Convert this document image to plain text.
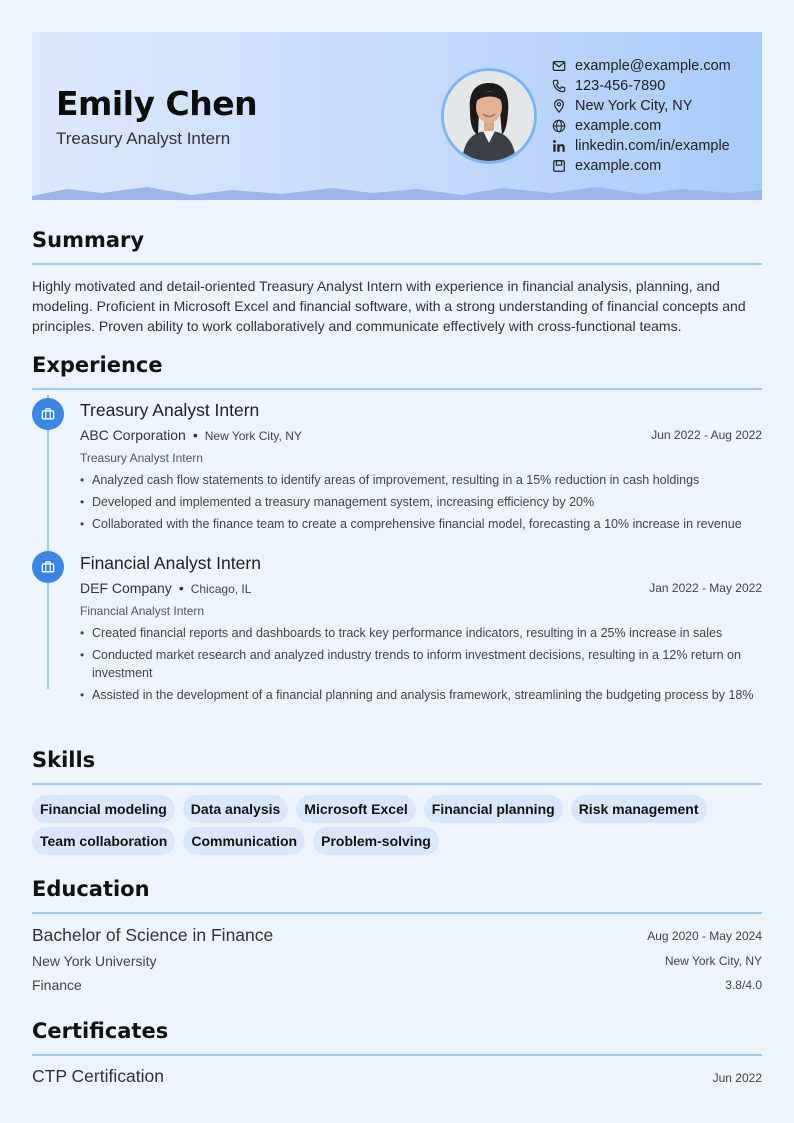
Emily Chen
Treasury Analyst Intern
example@example.com
123-456-7890
New York City, NY
example.com
linkedin.com/in/example
example.com
Summary
Highly motivated and detail-oriented Treasury Analyst Intern with experience in financial analysis, planning, and modeling. Proficient in Microsoft Excel and financial software, with a strong understanding of financial concepts and principles. Proven ability to work collaboratively and communicate effectively with cross-functional teams.
Experience
Treasury Analyst Intern
ABC Corporation • New York City, NY	Jun 2022 - Aug 2022
Treasury Analyst Intern
• Analyzed cash flow statements to identify areas of improvement, resulting in a 15% reduction in cash holdings
• Developed and implemented a treasury management system, increasing efficiency by 20%
• Collaborated with the finance team to create a comprehensive financial model, forecasting a 10% increase in revenue
Financial Analyst Intern
DEF Company • Chicago, IL	Jan 2022 - May 2022
Financial Analyst Intern
• Created financial reports and dashboards to track key performance indicators, resulting in a 25% increase in sales
• Conducted market research and analyzed industry trends to inform investment decisions, resulting in a 12% return on investment
• Assisted in the development of a financial planning and analysis framework, streamlining the budgeting process by 18%
Skills
Financial modeling	Data analysis	Microsoft Excel	Financial planning	Risk management
Team collaboration	Communication	Problem-solving
Education
Bachelor of Science in Finance	Aug 2020 - May 2024
New York University	New York City, NY
Finance	3.8/4.0
Certificates
CTP Certification	Jun 2022
